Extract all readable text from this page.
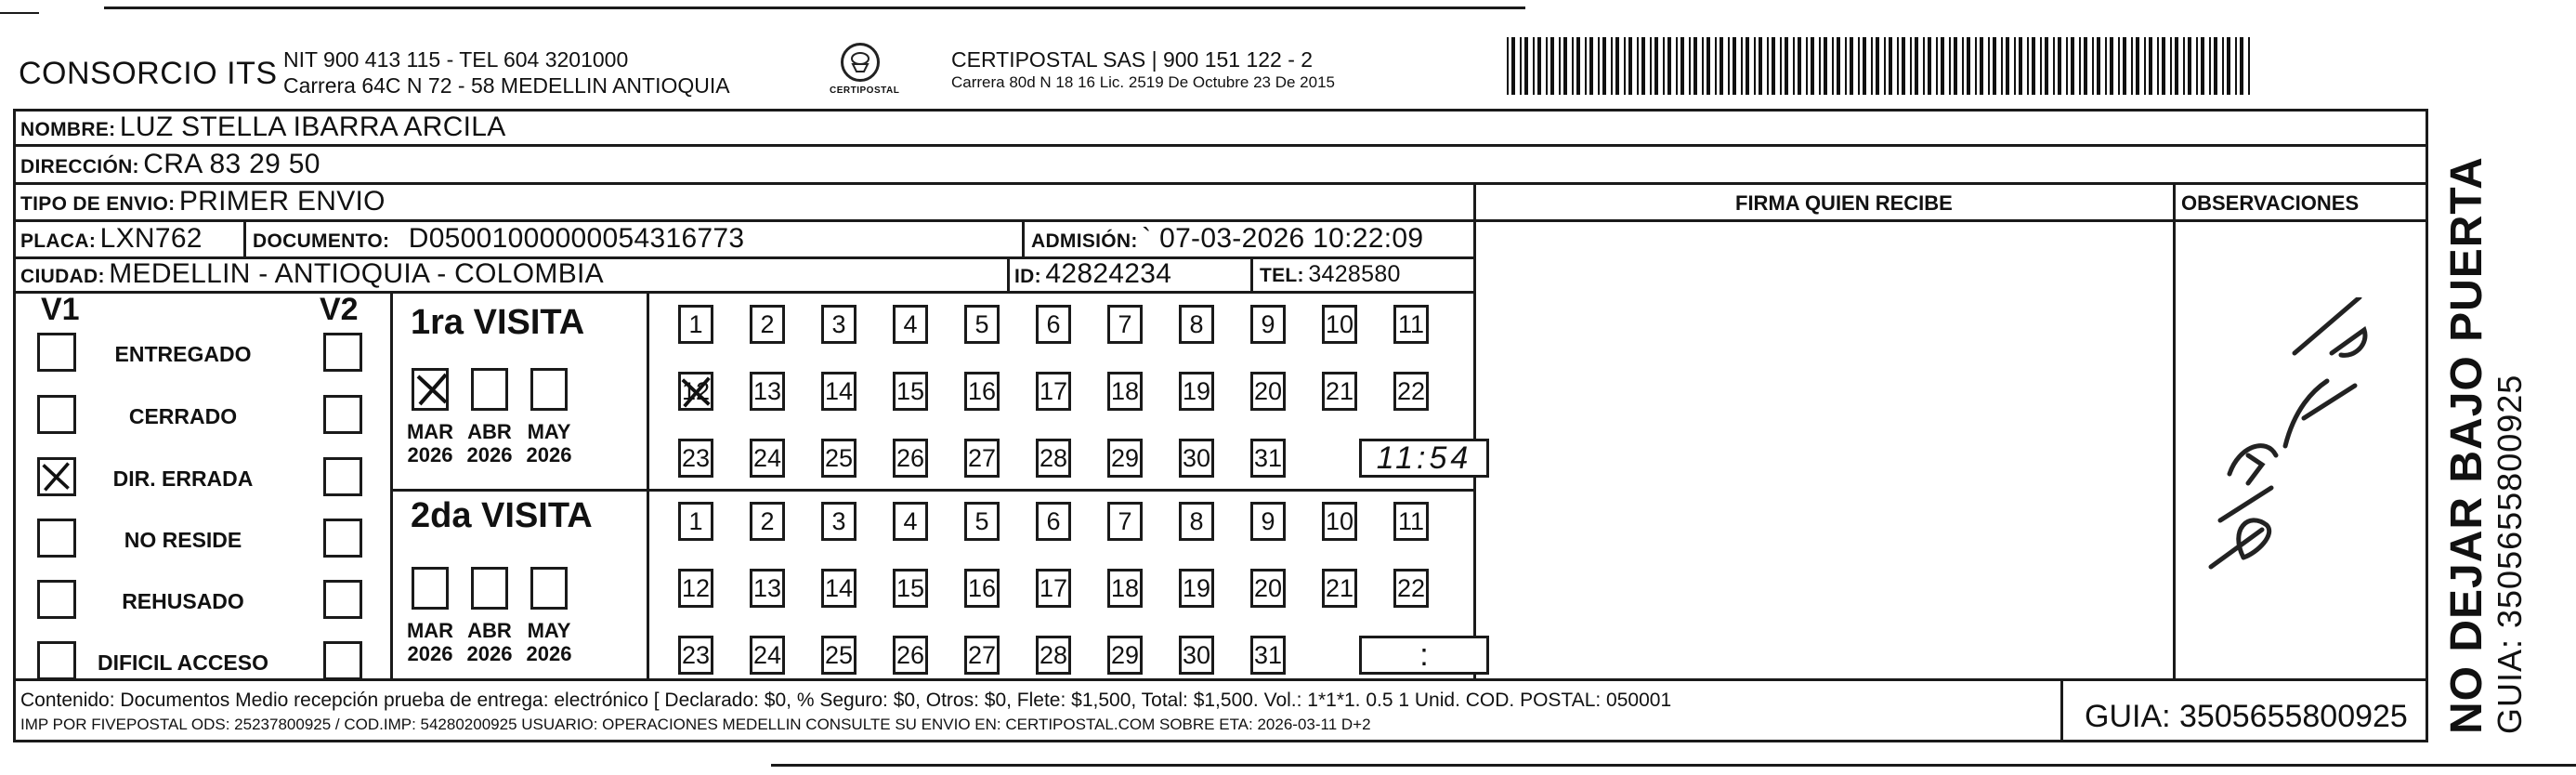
CONSORCIO ITS NIT 900 413 115 - TEL 604 3201000
Carrera 64C N 72 - 58 MEDELLIN ANTIOQUIA	CERTIPOSTAL
CERTIPOSTAL SAS | 900 151 122 - 2
Carrera 80d N 18 16 Lic. 2519 De Octubre 23 De 2015
NOMBRE: LUZ STELLA IBARRA ARCILA
DIRECCIÓN: CRA 83 29 50
TIPO DE ENVIO: PRIMER ENVIO
PLACA: LXN762	DOCUMENTO: D05001000000054316773	ADMISIÓN: ` 07-03-2026 10:22:09
CIUDAD: MEDELLIN - ANTIOQUIA - COLOMBIA	ID: 42824234	TEL: 3428580
FIRMA QUIEN RECIBE	OBSERVACIONES
V1	V2
ENTREGADO
CERRADO
DIR. ERRADA
NO RESIDE
REHUSADO
DIFICIL ACCESO
1ra VISITA
MAR
2026
ABR
2026
MAY
2026
1	2	3	4	5	6	7	8	9	10 11
12 13 14 15 16 17 18 19 20 21 22
23 24 25 26 27 28 29 30 31	11:54
2da VISITA
MAR
2026
ABR
2026
MAY
2026
1	2	3	4	5	6	7	8	9	10 11
12 13 14 15 16 17 18 19 20 21 22
23 24 25 26 27 28 29 30 31	:
Contenido: Documentos Medio recepción prueba de entrega: electrónico [ Declarado: $0, % Seguro: $0, Otros: $0, Flete: $1,500, Total: $1,500. Vol.: 1*1*1. 0.5 1 Unid. COD. POSTAL: 050001
IMP POR FIVEPOSTAL ODS: 25237800925 / COD.IMP: 54280200925 USUARIO: OPERACIONES MEDELLIN CONSULTE SU ENVIO EN: CERTIPOSTAL.COM SOBRE ETA: 2026-03-11 D+2	GUIA: 3505655800925 NO DEJAR BAJO PUERTA GUIA: 3505655800925
